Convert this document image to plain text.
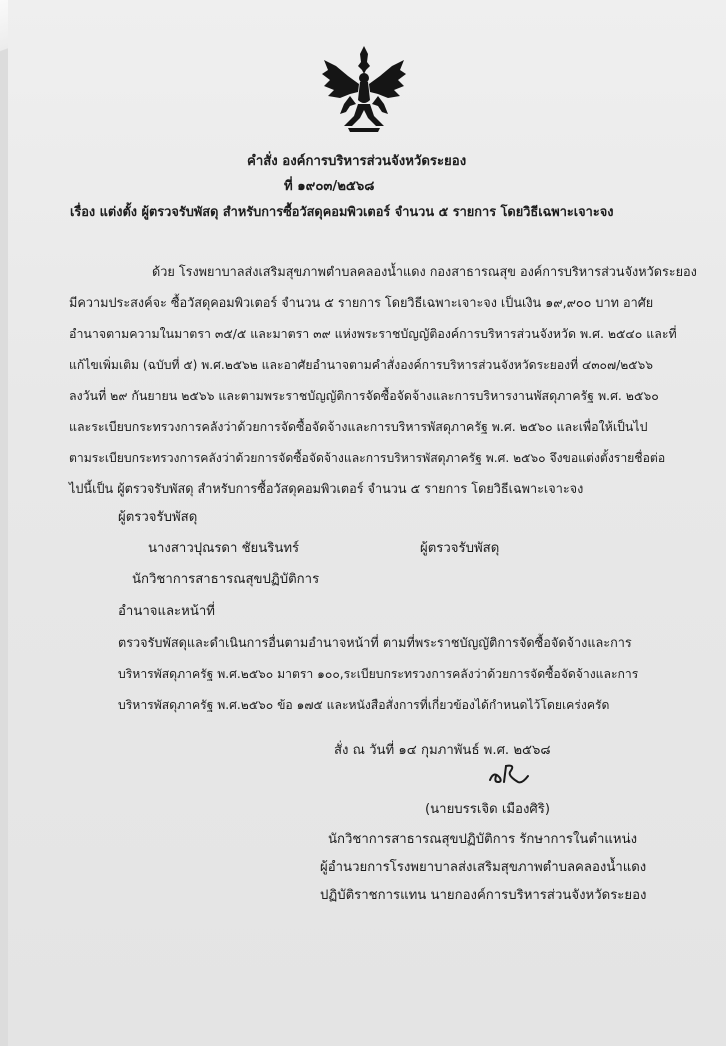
คำสั่ง องค์การบริหารส่วนจังหวัดระยอง
ที่ ๑๙๐๓/๒๕๖๘
เรื่อง แต่งตั้ง ผู้ตรวจรับพัสดุ สำหรับการซื้อวัสดุคอมพิวเตอร์ จำนวน ๕ รายการ โดยวิธีเฉพาะเจาะจง
ด้วย โรงพยาบาลส่งเสริมสุขภาพตำบลคลองน้ำแดง กองสาธารณสุข องค์การบริหารส่วนจังหวัดระยอง
มีความประสงค์จะ ซื้อวัสดุคอมพิวเตอร์ จำนวน ๕ รายการ โดยวิธีเฉพาะเจาะจง เป็นเงิน ๑๙,๙๐๐ บาท อาศัย
อำนาจตามความในมาตรา ๓๕/๕ และมาตรา ๓๙ แห่งพระราชบัญญัติองค์การบริหารส่วนจังหวัด พ.ศ. ๒๕๔๐ และที่
แก้ไขเพิ่มเติม (ฉบับที่ ๕) พ.ศ.๒๕๖๒ และอาศัยอำนาจตามคำสั่งองค์การบริหารส่วนจังหวัดระยองที่ ๔๓๐๗/๒๕๖๖
ลงวันที่ ๒๙ กันยายน ๒๕๖๖ และตามพระราชบัญญัติการจัดซื้อจัดจ้างและการบริหารงานพัสดุภาครัฐ พ.ศ. ๒๕๖๐
และระเบียบกระทรวงการคลังว่าด้วยการจัดซื้อจัดจ้างและการบริหารพัสดุภาครัฐ พ.ศ. ๒๕๖๐ และเพื่อให้เป็นไป
ตามระเบียบกระทรวงการคลังว่าด้วยการจัดซื้อจัดจ้างและการบริหารพัสดุภาครัฐ พ.ศ. ๒๕๖๐ จึงขอแต่งตั้งรายชื่อต่อ
ไปนี้เป็น ผู้ตรวจรับพัสดุ สำหรับการซื้อวัสดุคอมพิวเตอร์ จำนวน ๕ รายการ โดยวิธีเฉพาะเจาะจง
ผู้ตรวจรับพัสดุ
นางสาวปุณรดา ชัยนรินทร์	ผู้ตรวจรับพัสดุ
นักวิชาการสาธารณสุขปฏิบัติการ
อำนาจและหน้าที่
ตรวจรับพัสดุและดำเนินการอื่นตามอำนาจหน้าที่ ตามที่พระราชบัญญัติการจัดซื้อจัดจ้างและการ
บริหารพัสดุภาครัฐ พ.ศ.๒๕๖๐ มาตรา ๑๐๐,ระเบียบกระทรวงการคลังว่าด้วยการจัดซื้อจัดจ้างและการ
บริหารพัสดุภาครัฐ พ.ศ.๒๕๖๐ ข้อ ๑๗๕ และหนังสือสั่งการที่เกี่ยวข้องได้กำหนดไว้โดยเคร่งครัด
สั่ง ณ วันที่ ๑๔ กุมภาพันธ์ พ.ศ. ๒๕๖๘
(นายบรรเจิด เมืองศิริ)
นักวิชาการสาธารณสุขปฏิบัติการ รักษาการในตำแหน่ง
ผู้อำนวยการโรงพยาบาลส่งเสริมสุขภาพตำบลคลองน้ำแดง
ปฏิบัติราชการแทน นายกองค์การบริหารส่วนจังหวัดระยอง
